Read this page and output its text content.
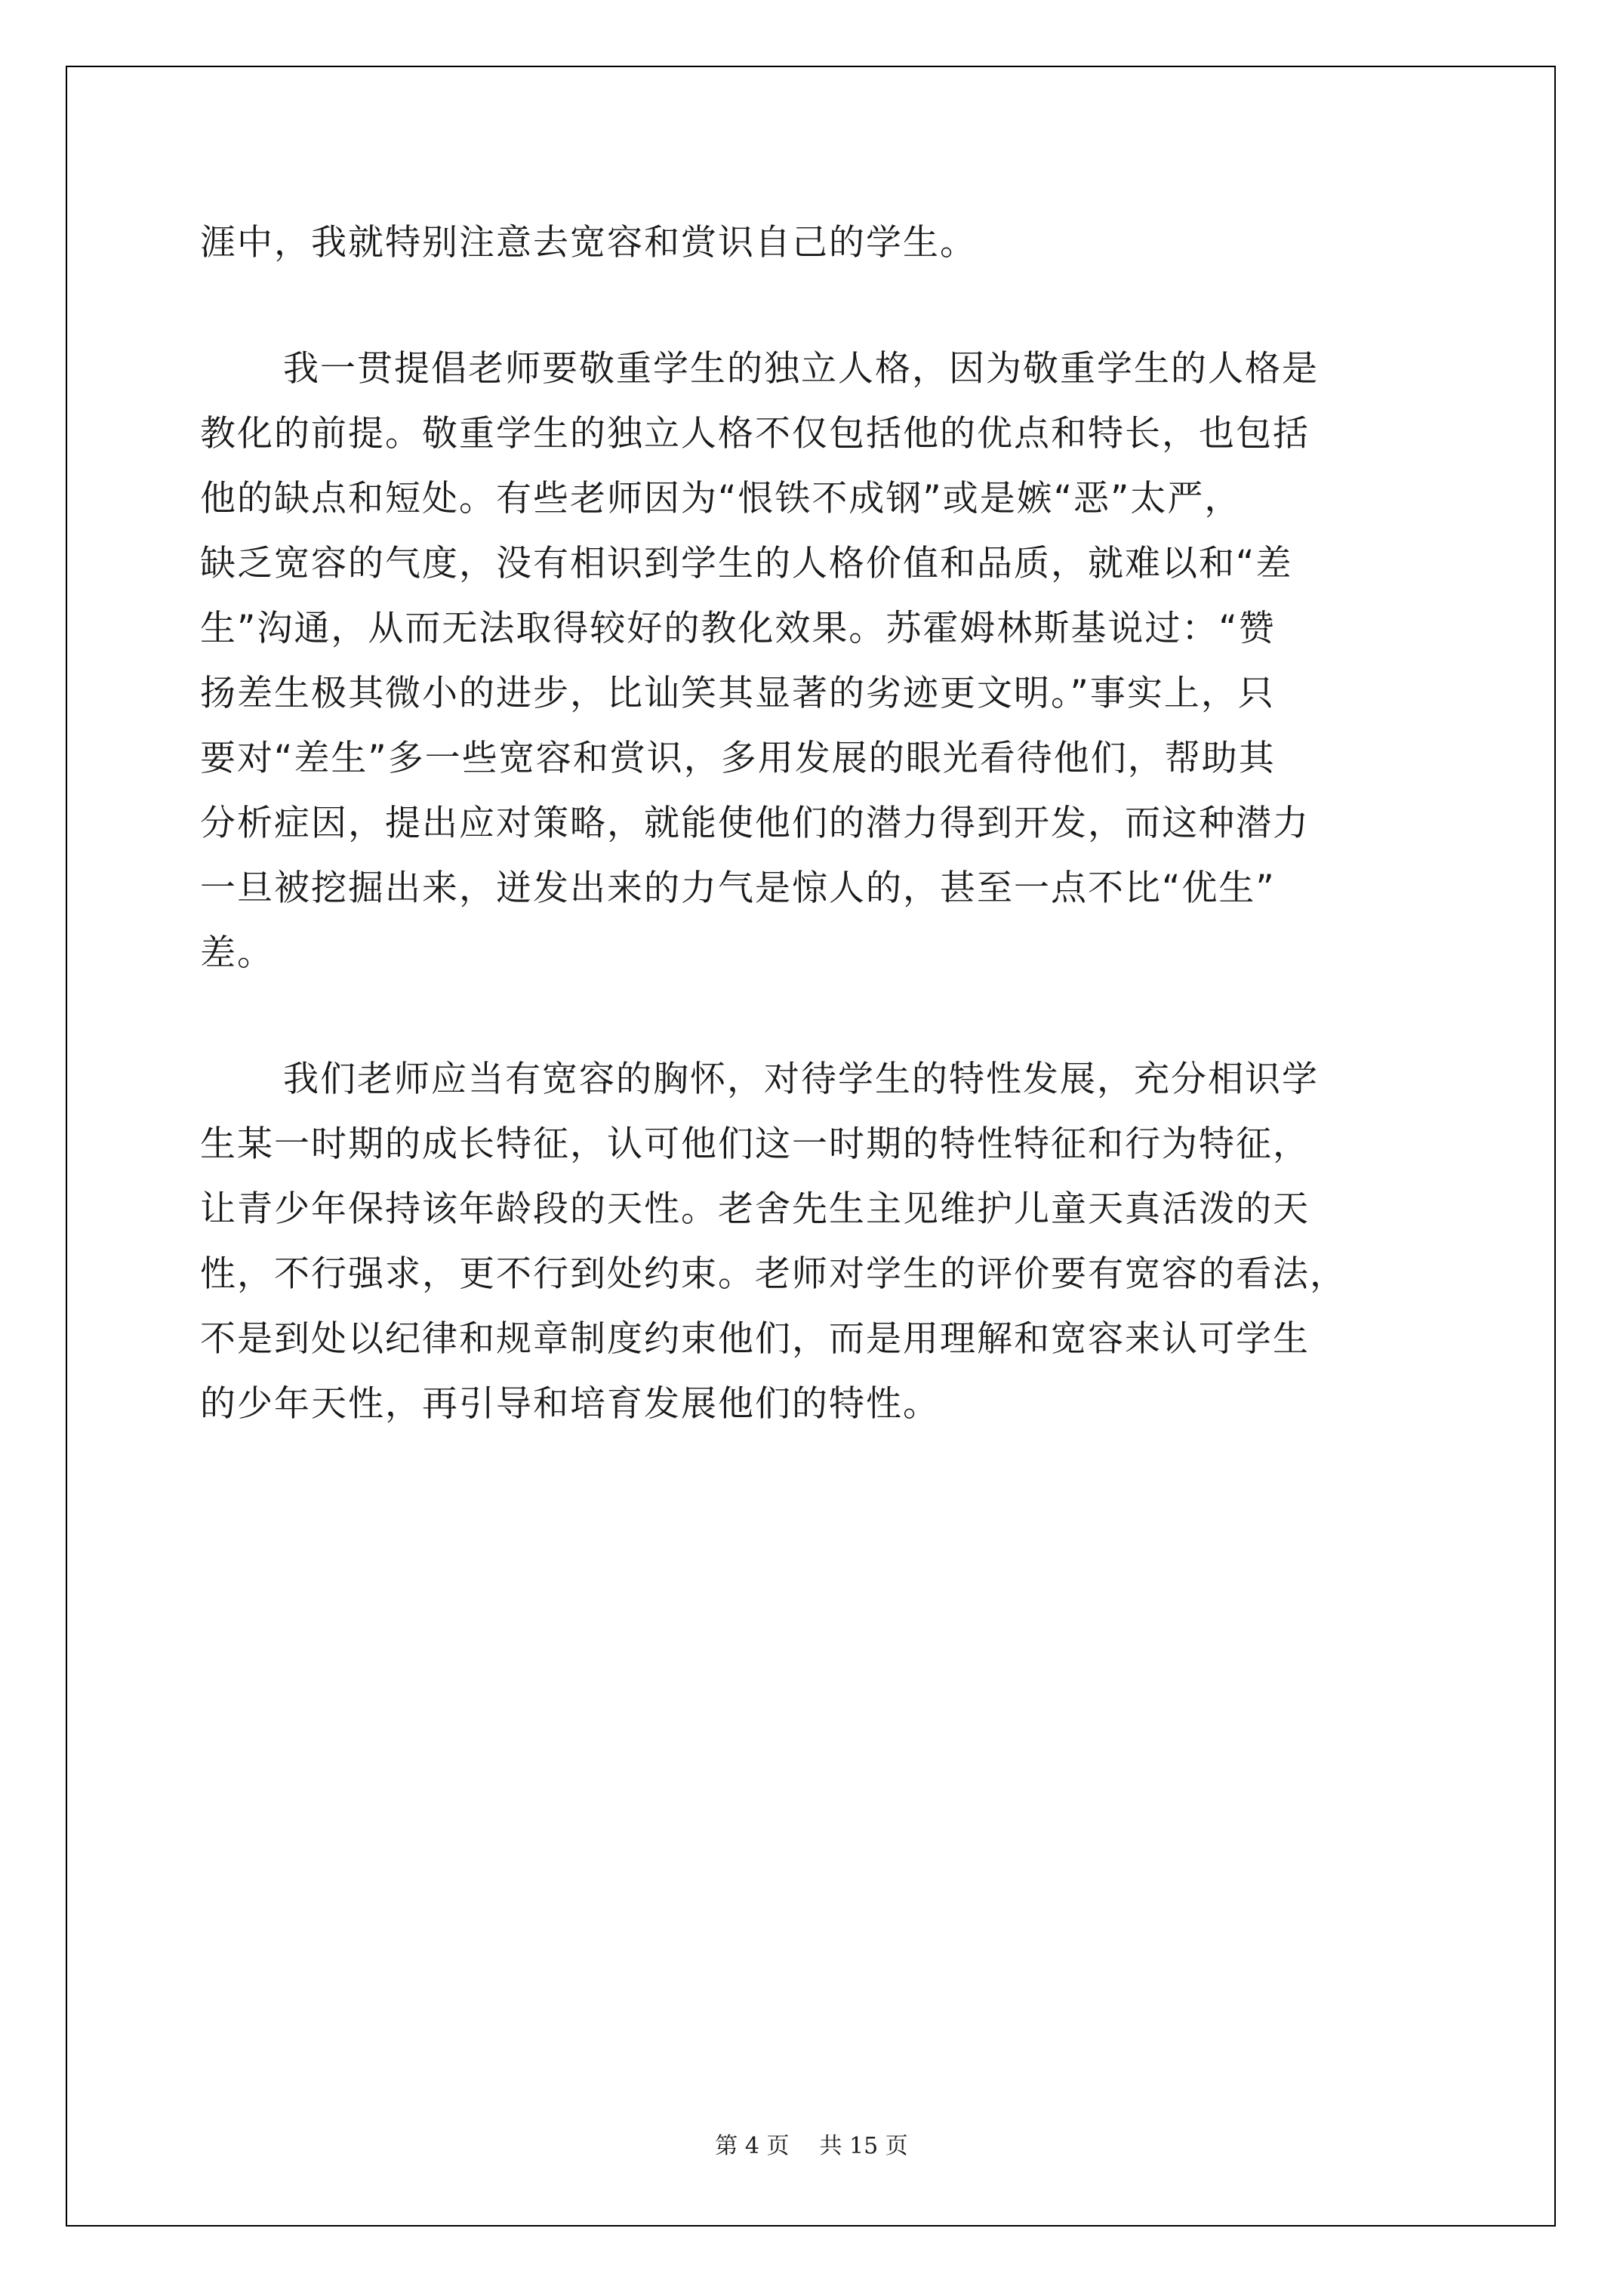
涯中，我就特别注意去宽容和赏识自己的学生。

我一贯提倡老师要敬重学生的独立人格，因为敬重学生的人格是

教化的前提。敬重学生的独立人格不仅包括他的优点和特长，也包括

他的缺点和短处。有些老师因为“恨铁不成钢”或是嫉“恶”太严，

缺乏宽容的气度，没有相识到学生的人格价值和品质，就难以和“差

生”沟通，从而无法取得较好的教化效果。苏霍姆林斯基说过：“赞

扬差生极其微小的进步，比讪笑其显著的劣迹更文明。”事实上，只

要对“差生”多一些宽容和赏识，多用发展的眼光看待他们，帮助其

分析症因，提出应对策略，就能使他们的潜力得到开发，而这种潜力

一旦被挖掘出来，迸发出来的力气是惊人的，甚至一点不比“优生”

差。

我们老师应当有宽容的胸怀，对待学生的特性发展，充分相识学

生某一时期的成长特征，认可他们这一时期的特性特征和行为特征，

让青少年保持该年龄段的天性。老舍先生主见维护儿童天真活泼的天

性，不行强求，更不行到处约束。老师对学生的评价要有宽容的看法，

不是到处以纪律和规章制度约束他们，而是用理解和宽容来认可学生

的少年天性，再引导和培育发展他们的特性。

第 4 页 共 15 页
